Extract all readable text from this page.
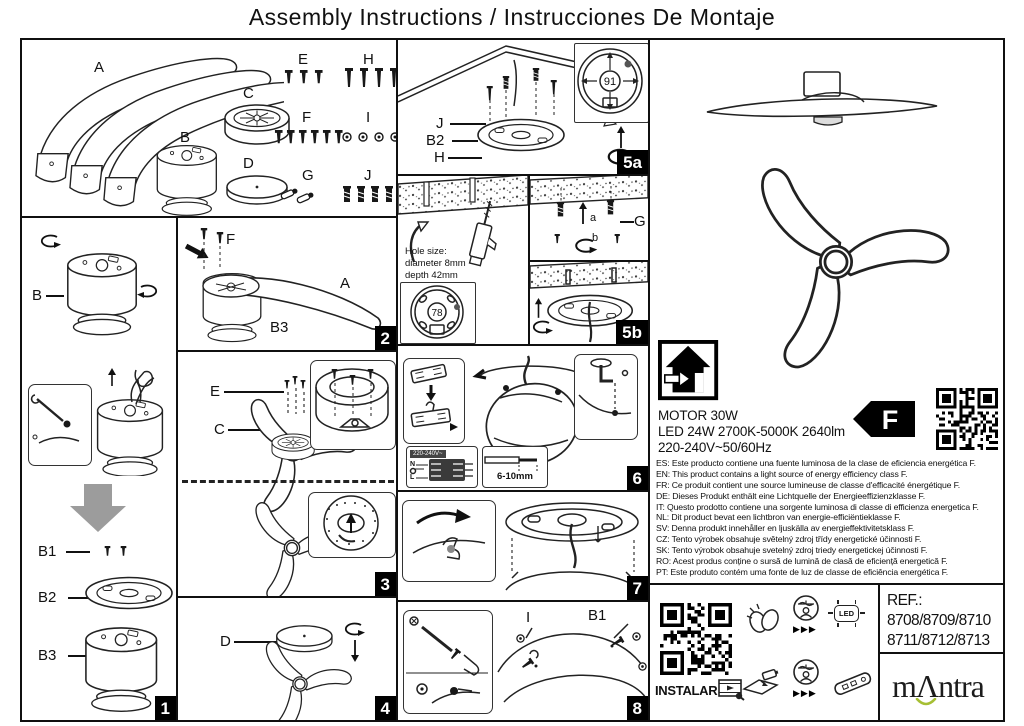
Assembly Instructions / Instrucciones De Montaje
A
B
C
D
E	H
F	I
G	J
B
B1
B2
B3
1
F
A
B3
2
E
C
3
D
4
J
B2
H
91
5a
Hole size:
diameter 8mm
depth 42mm
78
a
b
G
5b
220-240V~
N
L	6-10mm	6
7
I	B1
8
MOTOR 30W
LED 24W 2700K-5000K 2640lm
220-240V~50/60Hz
F
ES: Este producto contiene una fuente luminosa de la clase de eficiencia energética F.
EN: This product contains a light source of energy efficiency class F.
FR: Ce produit contient une source lumineuse de classe d'efficacité énergétique F.
DE: Dieses Produkt enthält eine Lichtquelle der Energieeffizienzklasse F.
IT: Questo prodotto contiene una sorgente luminosa di classe di efficienza energetica F.
NL: Dit product bevat een lichtbron van energie-efficiëntieklasse F.
SV: Denna produkt innehåller en ljuskälla av energieffektivitetsklass F.
CZ: Tento výrobek obsahuje světelný zdroj třídy energetické účinnosti F.
SK: Tento výrobok obsahuje svetelný zdroj triedy energetickej účinnosti F.
RO: Acest produs conține o sursă de lumină de clasă de eficiență energetică F.
PT: Este produto contém uma fonte de luz de classe de eficiência energética F.
INSTALAR
▶▶▶
LED
▶▶▶
REF.:
8708/8709/8710
8711/8712/8713
mΛ
ntra
